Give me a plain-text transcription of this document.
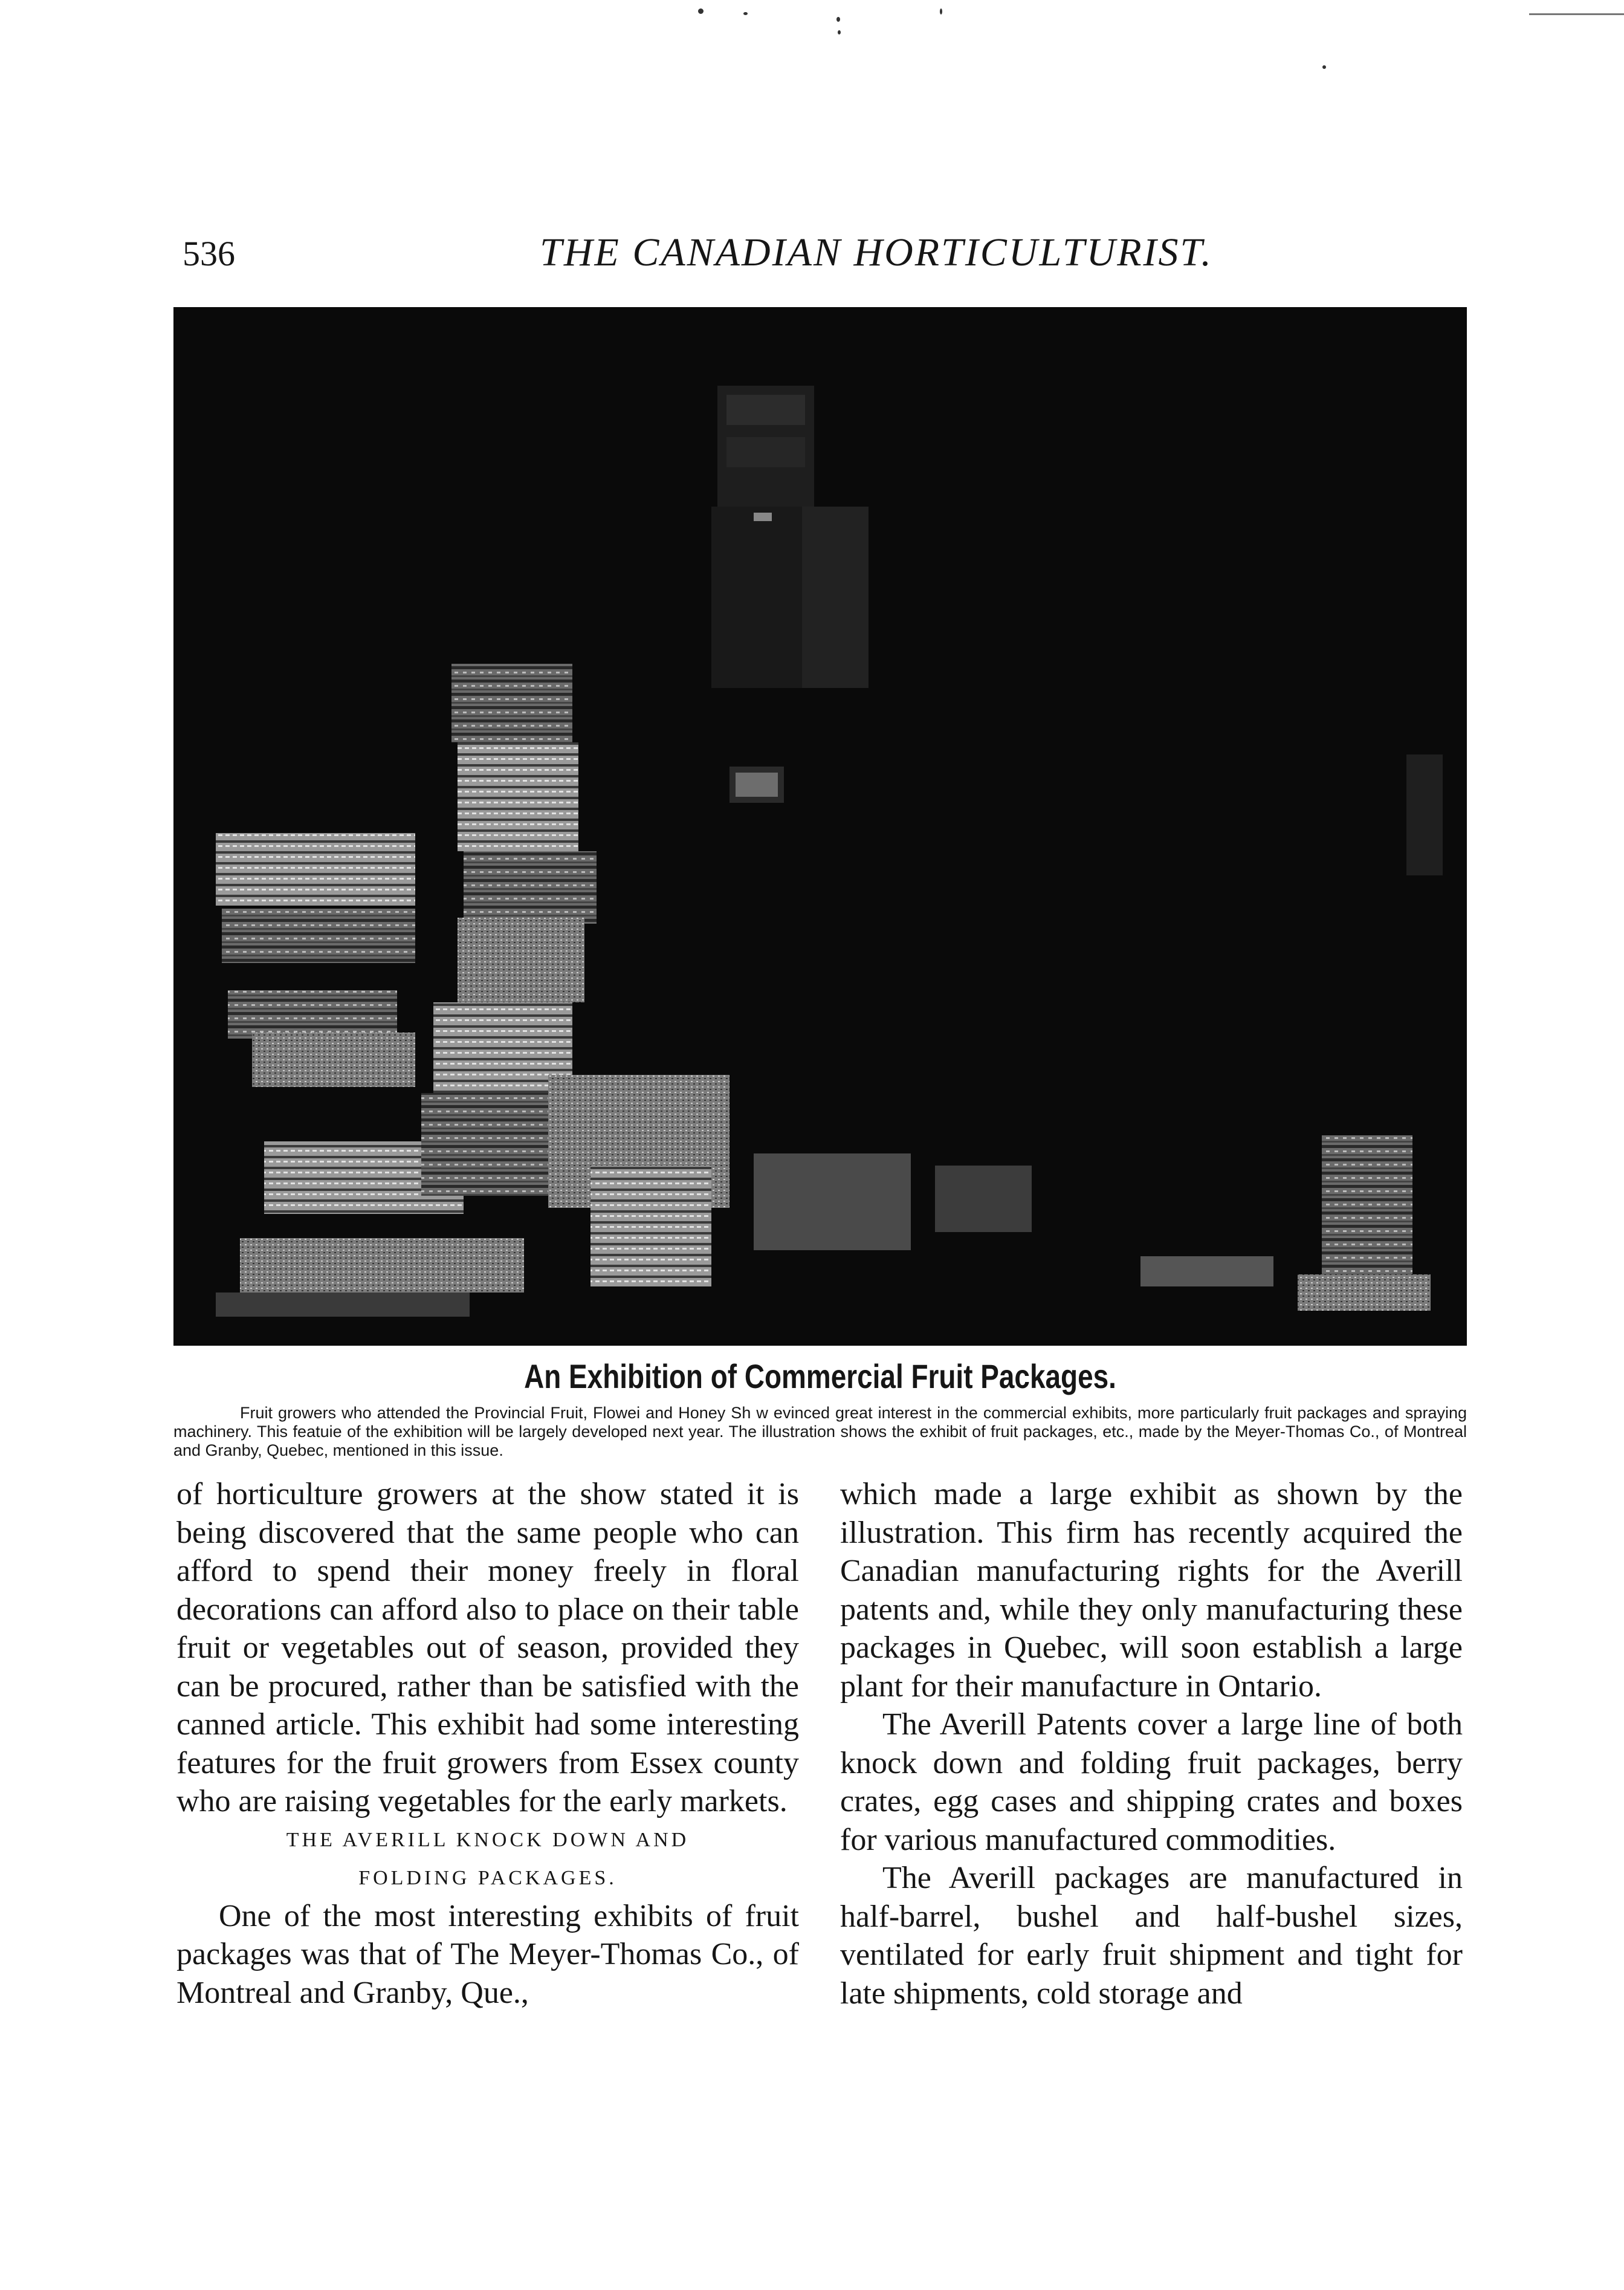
536	THE CANADIAN HORTICULTURIST.
An Exhibition of Commercial Fruit Packages.
Fruit growers who attended the Provincial Fruit, Flowei and Honey Sh w evinced great interest in the commercial exhibits, more particularly fruit packages and spraying machinery. This featuie of the exhibition will be largely developed next year. The illustration shows the exhibit of fruit packages, etc., made by the Meyer-Thomas Co., of Montreal and Granby, Quebec, mentioned in this issue.

of horticulture growers at the show stated it is being discovered that the same people who can afford to spend their money freely in floral decorations can afford also to place on their table fruit or vegetables out of season, provided they can be procured, rather than be satisfied with the canned article. This exhibit had some interesting features for the fruit growers from Essex county who are raising vegetables for the early markets.

THE AVERILL KNOCK DOWN AND

FOLDING PACKAGES.

One of the most interesting exhibits of fruit packages was that of The Meyer-Thomas Co., of Montreal and Granby, Que.,

which made a large exhibit as shown by the illustration. This firm has recently acquired the Canadian manufacturing rights for the Averill patents and, while they only manufacturing these packages in Quebec, will soon establish a large plant for their manufacture in Ontario.

The Averill Patents cover a large line of both knock down and folding fruit packages, berry crates, egg cases and shipping crates and boxes for various manufactured commodities.

The Averill packages are manufactured in half-barrel, bushel and half-bushel sizes, ventilated for early fruit shipment and tight for late shipments, cold storage and
